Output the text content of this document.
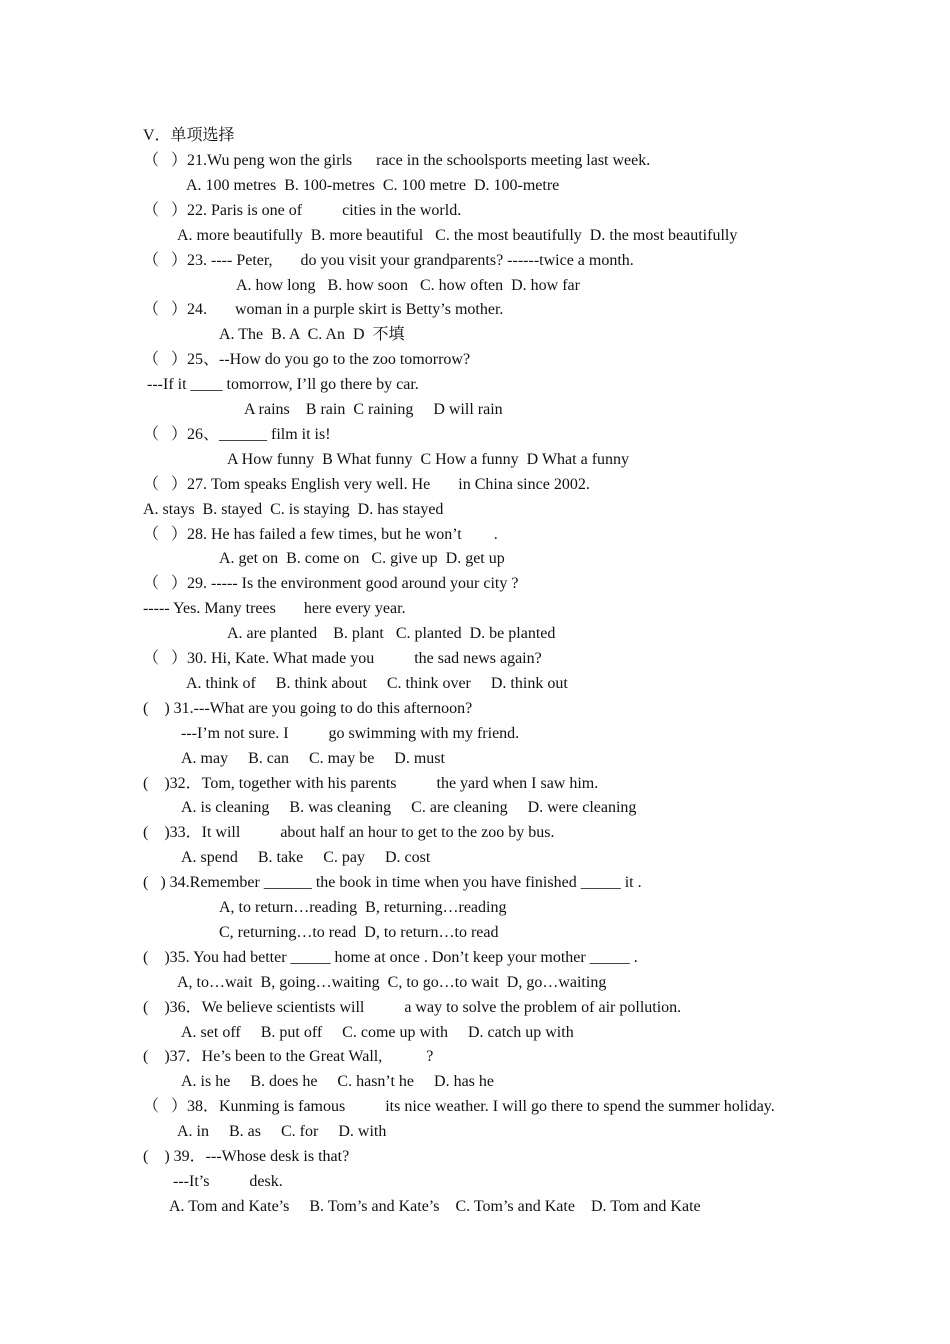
V．单项选择
（   ）21.Wu peng won the girls      race in the schoolsports meeting last week.
A. 100 metres  B. 100-metres  C. 100 metre  D. 100-metre
（   ）22. Paris is one of          cities in the world.
A. more beautifully  B. more beautiful   C. the most beautifully  D. the most beautifully
（   ）23. ---- Peter,       do you visit your grandparents? ------twice a month.
A. how long   B. how soon   C. how often  D. how far
（   ）24.       woman in a purple skirt is Betty’s mother.
A. The  B. A  C. An  D  不填
（   ）25、--How do you go to the zoo tomorrow?
---If it ____ tomorrow, I’ll go there by car.
A rains    B rain  C raining     D will rain
（   ）26、______ film it is!
A How funny  B What funny  C How a funny  D What a funny
（   ）27. Tom speaks English very well. He       in China since 2002.
A. stays  B. stayed  C. is staying  D. has stayed
（   ）28. He has failed a few times, but he won’t        .
A. get on  B. come on   C. give up  D. get up
（   ）29. ----- Is the environment good around your city ?
----- Yes. Many trees       here every year.
A. are planted    B. plant   C. planted  D. be planted
（   ）30. Hi, Kate. What made you          the sad news again?
A. think of     B. think about     C. think over     D. think out
(    ) 31.---What are you going to do this afternoon?
---I’m not sure. I          go swimming with my friend.
A. may     B. can     C. may be     D. must
(    )32．Tom, together with his parents          the yard when I saw him.
A. is cleaning     B. was cleaning     C. are cleaning     D. were cleaning
(    )33．It will          about half an hour to get to the zoo by bus.
A. spend     B. take     C. pay     D. cost
(   ) 34.Remember ______ the book in time when you have finished _____ it .
A, to return…reading  B, returning…reading
C, returning…to read  D, to return…to read
(    )35. You had better _____ home at once . Don’t keep your mother _____ .
A, to…wait  B, going…waiting  C, to go…to wait  D, go…waiting
(    )36．We believe scientists will          a way to solve the problem of air pollution.
A. set off     B. put off     C. come up with     D. catch up with
(    )37．He’s been to the Great Wall,           ?
A. is he     B. does he     C. hasn’t he     D. has he
（   ）38．Kunming is famous          its nice weather. I will go there to spend the summer holiday.
A. in     B. as     C. for     D. with
(    ) 39．---Whose desk is that?
---It’s          desk.
A. Tom and Kate’s     B. Tom’s and Kate’s    C. Tom’s and Kate    D. Tom and Kate
